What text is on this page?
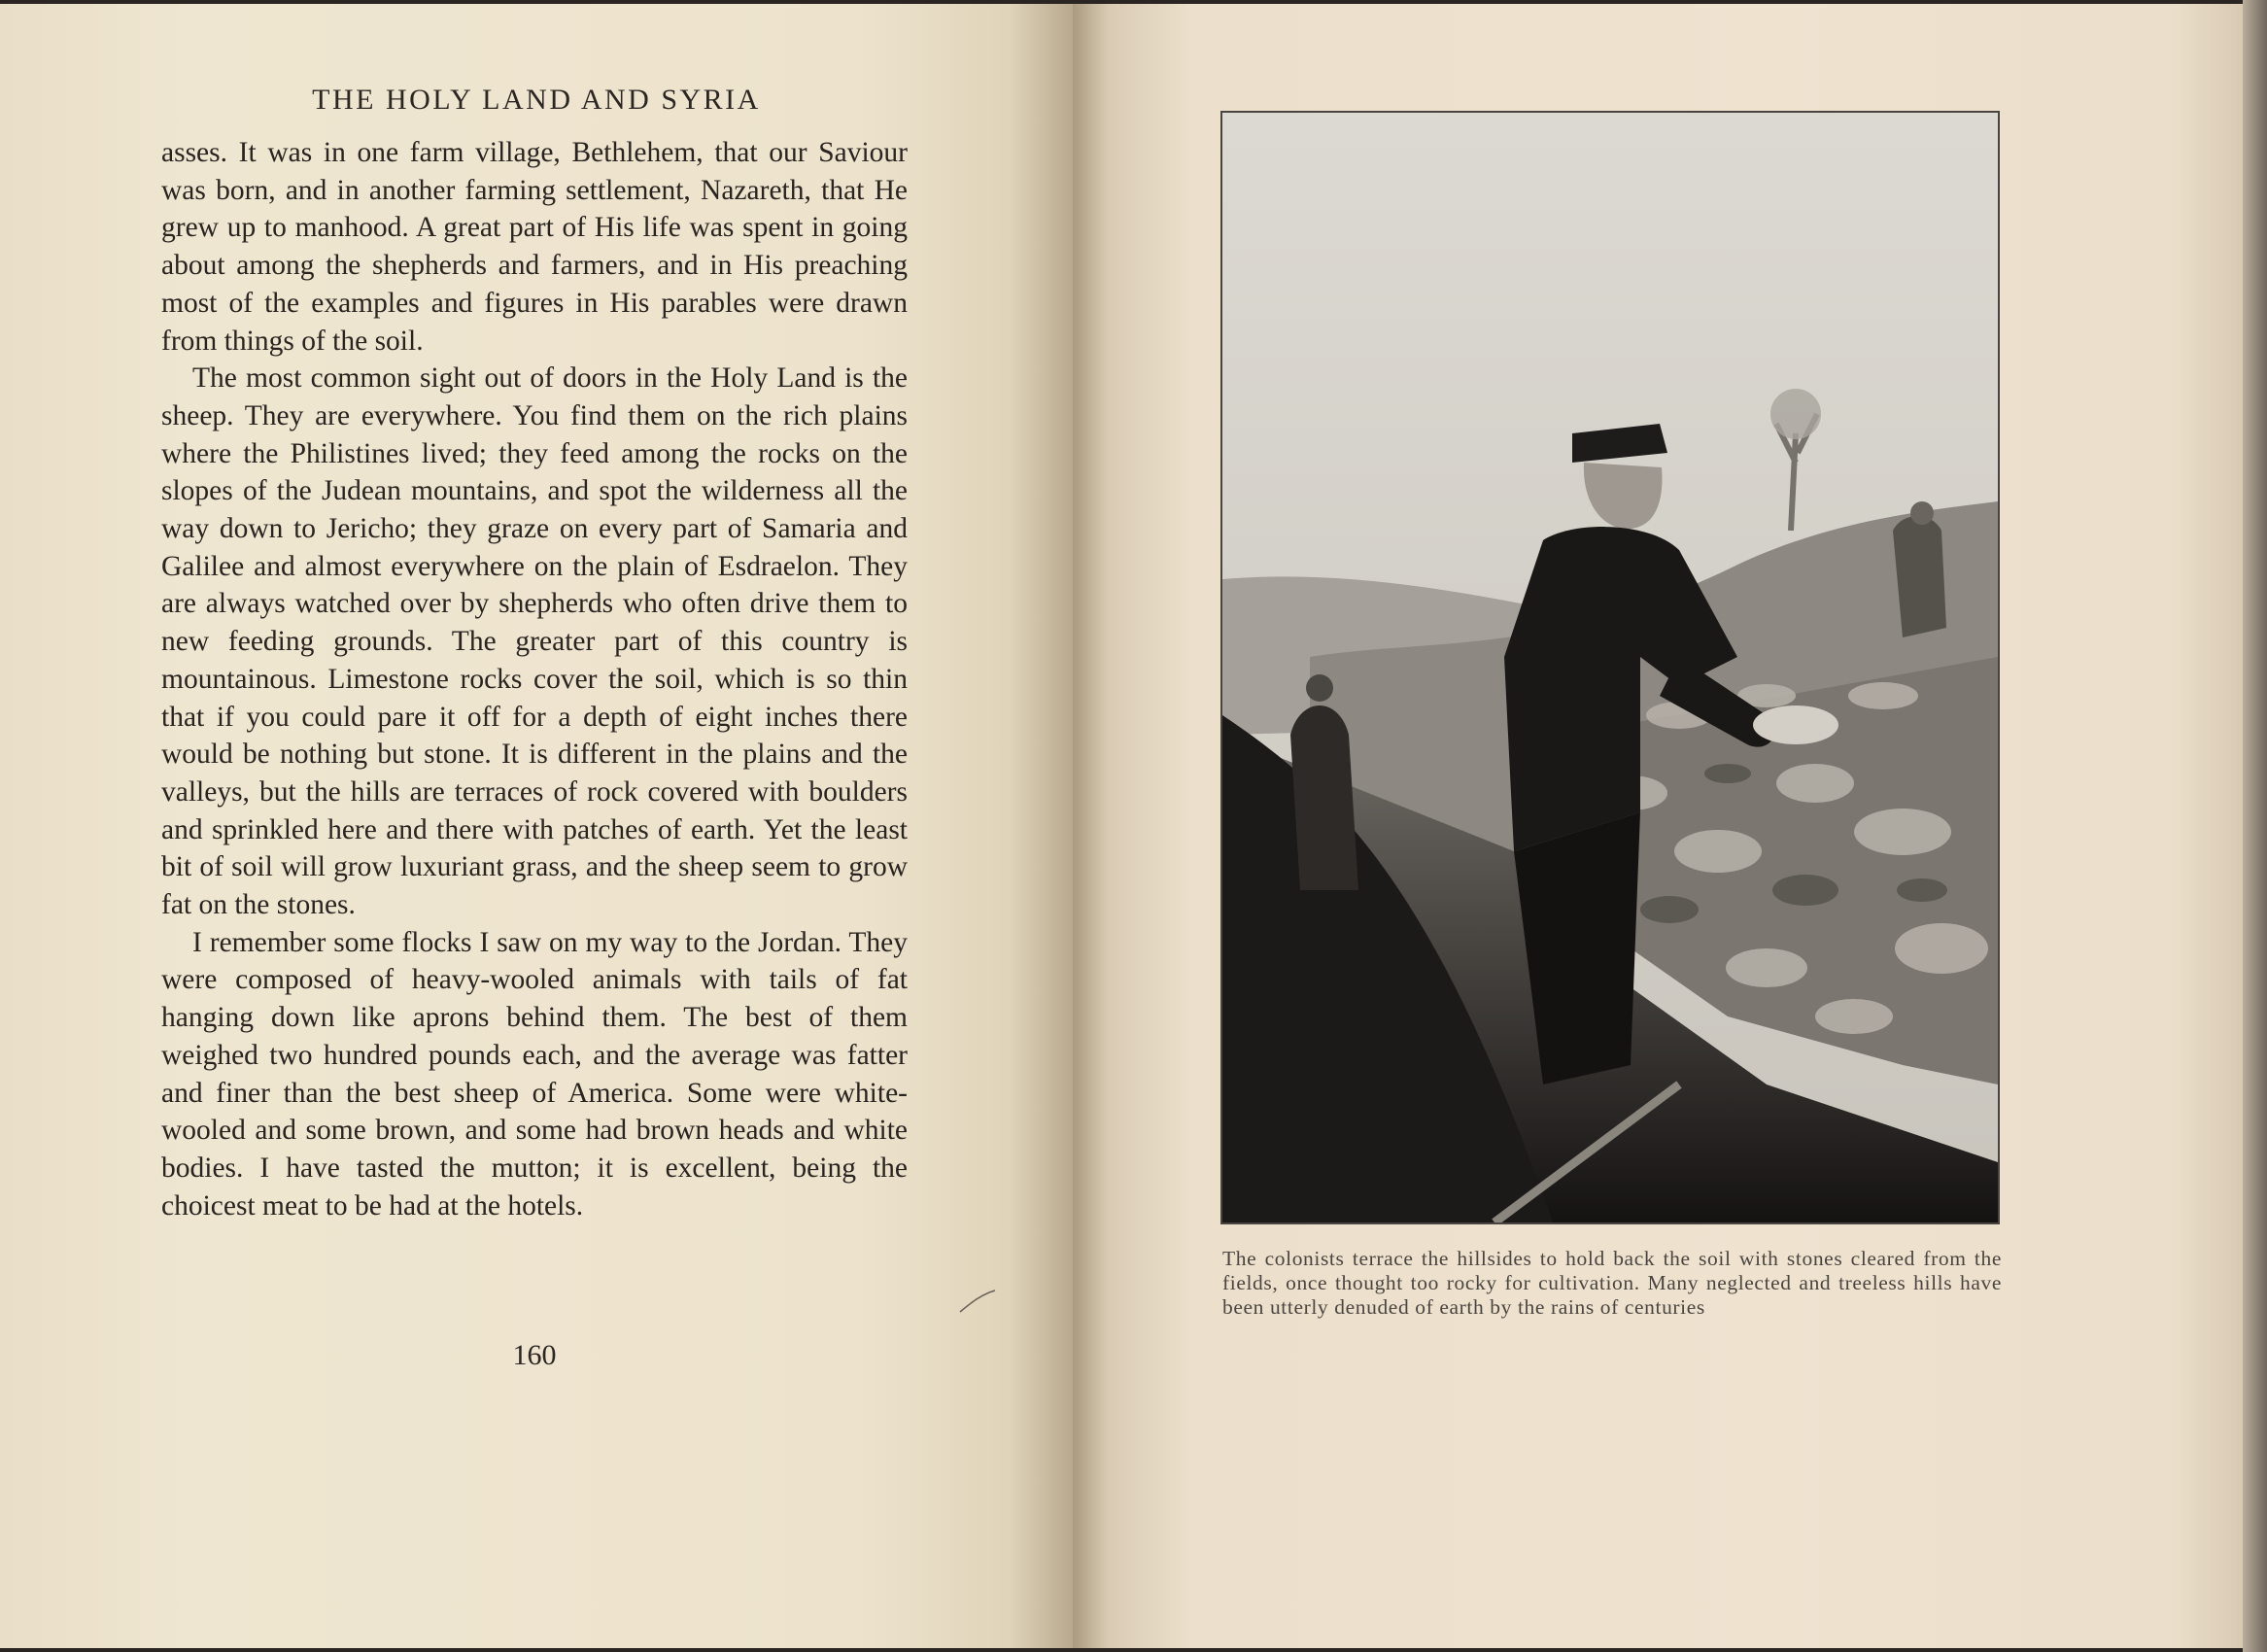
THE HOLY LAND AND SYRIA

asses. It was in one farm village, Bethlehem, that our Saviour was born, and in another farming settlement, Nazareth, that He grew up to manhood. A great part of His life was spent in going about among the shepherds and farmers, and in His preaching most of the examples and figures in His parables were drawn from things of the soil.

The most common sight out of doors in the Holy Land is the sheep. They are everywhere. You find them on the rich plains where the Philistines lived; they feed among the rocks on the slopes of the Judean mountains, and spot the wilderness all the way down to Jericho; they graze on every part of Samaria and Galilee and almost everywhere on the plain of Esdraelon. They are always watched over by shepherds who often drive them to new feeding grounds. The greater part of this country is mountainous. Limestone rocks cover the soil, which is so thin that if you could pare it off for a depth of eight inches there would be nothing but stone. It is different in the plains and the valleys, but the hills are terraces of rock covered with boulders and sprinkled here and there with patches of earth. Yet the least bit of soil will grow luxuriant grass, and the sheep seem to grow fat on the stones.

I remember some flocks I saw on my way to the Jordan. They were composed of heavy-wooled animals with tails of fat hanging down like aprons behind them. The best of them weighed two hundred pounds each, and the average was fatter and finer than the best sheep of America. Some were white-wooled and some brown, and some had brown heads and white bodies. I have tasted the mutton; it is excellent, being the choicest meat to be had at the hotels.

160
The colonists terrace the hillsides to hold back the soil with stones cleared from the fields, once thought too rocky for cultivation. Many neglected and treeless hills have been utterly denuded of earth by the rains of centuries
